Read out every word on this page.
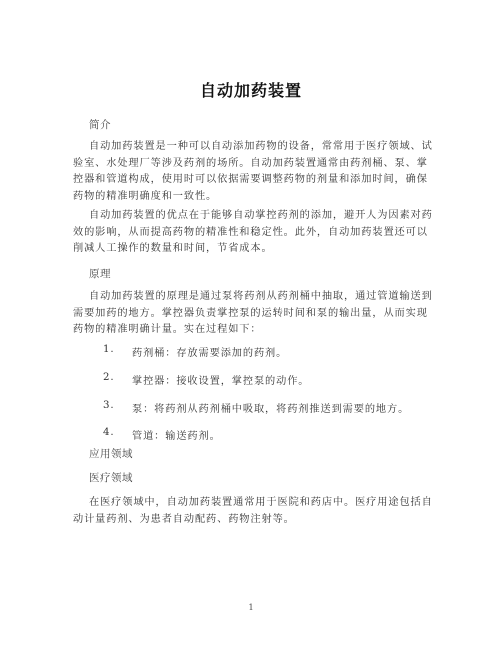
自动加药装置
简介
自动加药装置是一种可以自动添加药物的设备，常常用于医疗领域、试验室、水处理厂等涉及药剂的场所。自动加药装置通常由药剂桶、泵、掌控器和管道构成，使用时可以依据需要调整药物的剂量和添加时间，确保药物的精准明确度和一致性。
自动加药装置的优点在于能够自动掌控药剂的添加，避开人为因素对药效的影响，从而提高药物的精准性和稳定性。此外，自动加药装置还可以削减人工操作的数量和时间，节省成本。
原理
自动加药装置的原理是通过泵将药剂从药剂桶中抽取，通过管道输送到需要加药的地方。掌控器负责掌控泵的运转时间和泵的输出量，从而实现药物的精准明确计量。实在过程如下：
1. 药剂桶：存放需要添加的药剂。
2. 掌控器：接收设置，掌控泵的动作。
3. 泵：将药剂从药剂桶中吸取，将药剂推送到需要的地方。
4. 管道：输送药剂。
应用领域
医疗领域
在医疗领域中，自动加药装置通常用于医院和药店中。医疗用途包括自动计量药剂、为患者自动配药、药物注射等。
1
